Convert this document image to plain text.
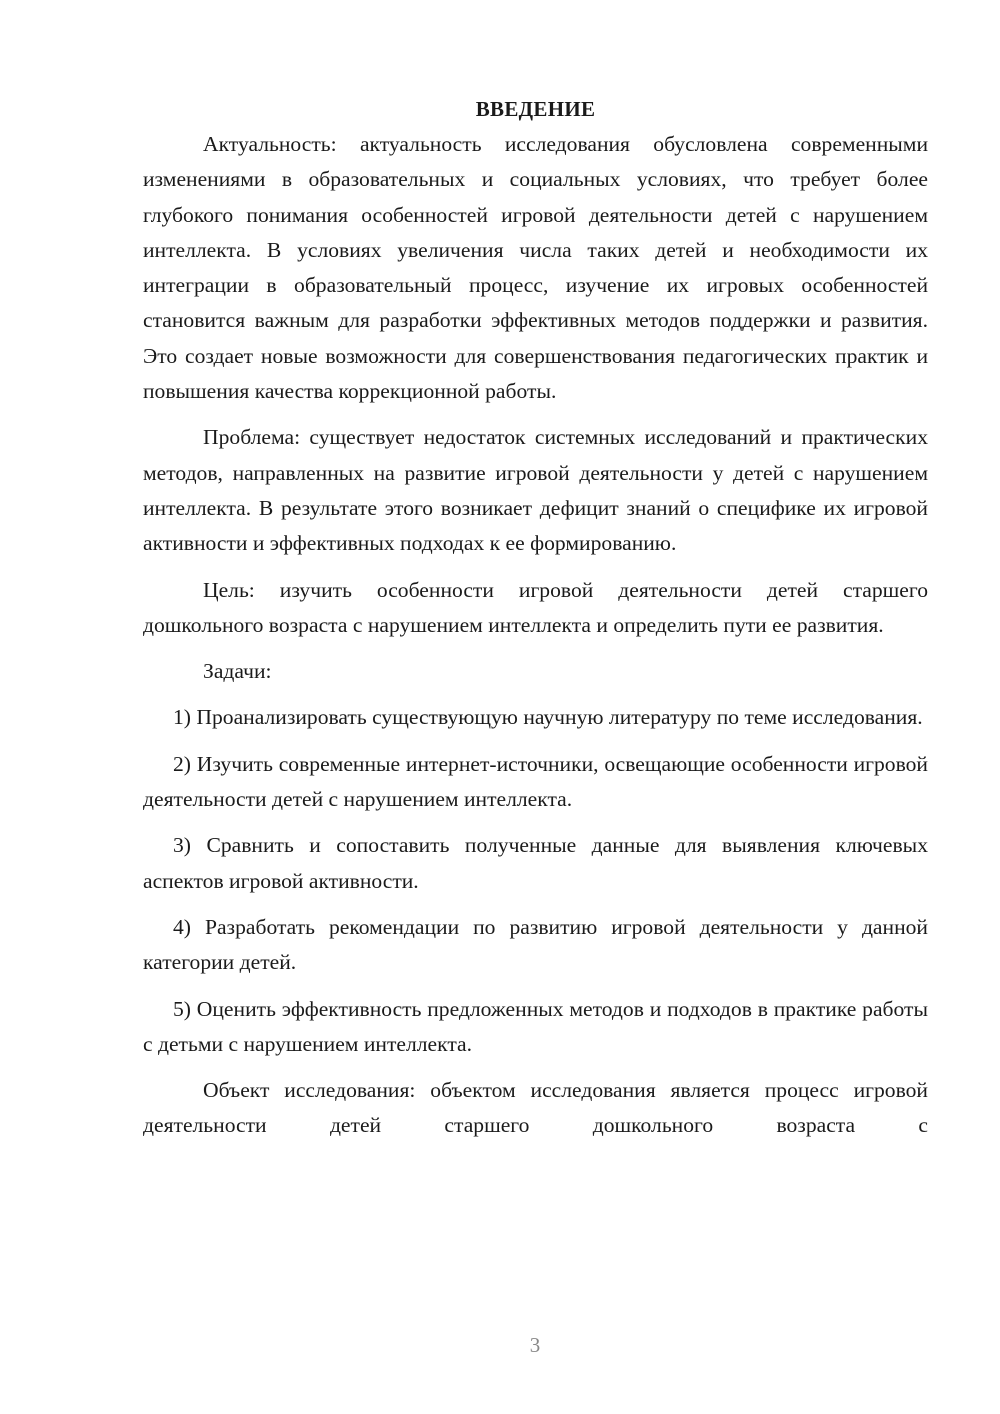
ВВЕДЕНИЕ

Актуальность: актуальность исследования обусловлена современными изменениями в образовательных и социальных условиях, что требует более глубокого понимания особенностей игровой деятельности детей с нарушением интеллекта. В условиях увеличения числа таких детей и необходимости их интеграции в образовательный процесс, изучение их игровых особенностей становится важным для разработки эффективных методов поддержки и развития. Это создает новые возможности для совершенствования педагогических практик и повышения качества коррекционной работы.

Проблема: существует недостаток системных исследований и практических методов, направленных на развитие игровой деятельности у детей с нарушением интеллекта. В результате этого возникает дефицит знаний о специфике их игровой активности и эффективных подходах к ее формированию.

Цель: изучить особенности игровой деятельности детей старшего дошкольного возраста с нарушением интеллекта и определить пути ее развития.

Задачи:

1) Проанализировать существующую научную литературу по теме исследования.

2) Изучить современные интернет-источники, освещающие особенности игровой деятельности детей с нарушением интеллекта.

3) Сравнить и сопоставить полученные данные для выявления ключевых аспектов игровой активности.

4) Разработать рекомендации по развитию игровой деятельности у данной категории детей.

5) Оценить эффективность предложенных методов и подходов в практике работы с детьми с нарушением интеллекта.

Объект исследования: объектом исследования является процесс игровой деятельности детей старшего дошкольного возраста с

3
